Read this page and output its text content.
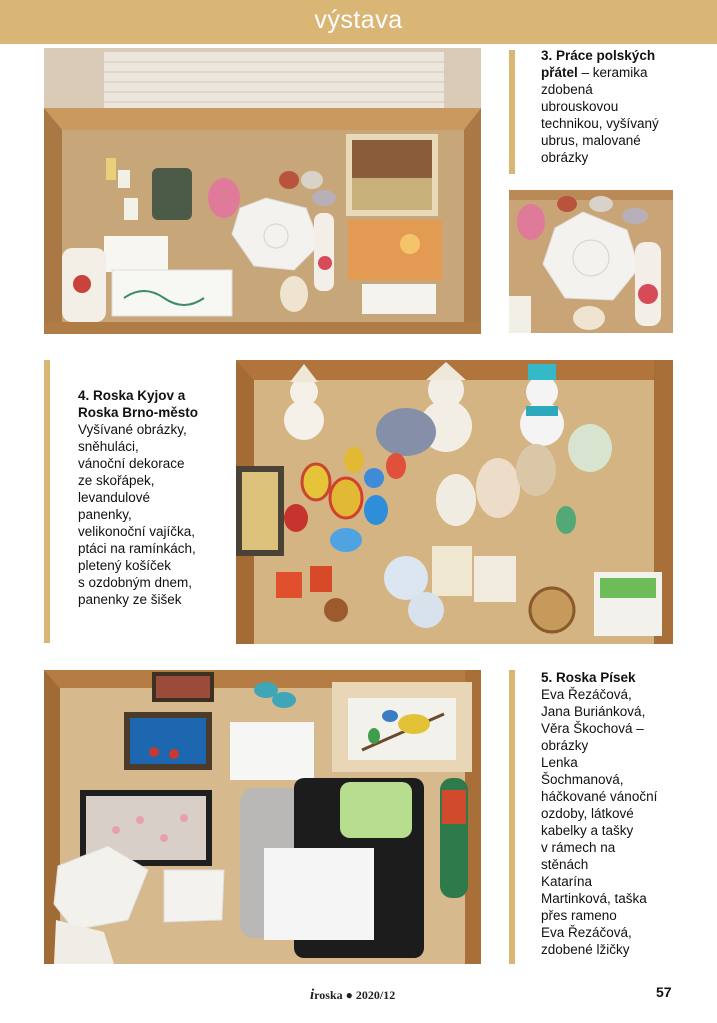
výstava
3. Práce polských
přátel – keramika
zdobená
ubrouskovou
technikou, vyšívaný
ubrus, malované
obrázky
4. Roska Kyjov a
Roska Brno-město
Vyšívané obrázky,
sněhuláci,
vánoční dekorace
ze skořápek,
levandulové
panenky,
velikonoční vajíčka,
ptáci na ramínkách,
pletený košíček
s ozdobným dnem,
panenky ze šišek
5. Roska Písek
Eva Řezáčová,
Jana Buriánková,
Věra Škochová –
obrázky
Lenka
Šochmanová,
háčkované vánoční
ozdoby, látkové
kabelky a tašky
v rámech na
stěnách
Katarína
Martinková, taška
přes rameno
Eva Řezáčová,
zdobené lžičky
iroska ● 2020/12	57
